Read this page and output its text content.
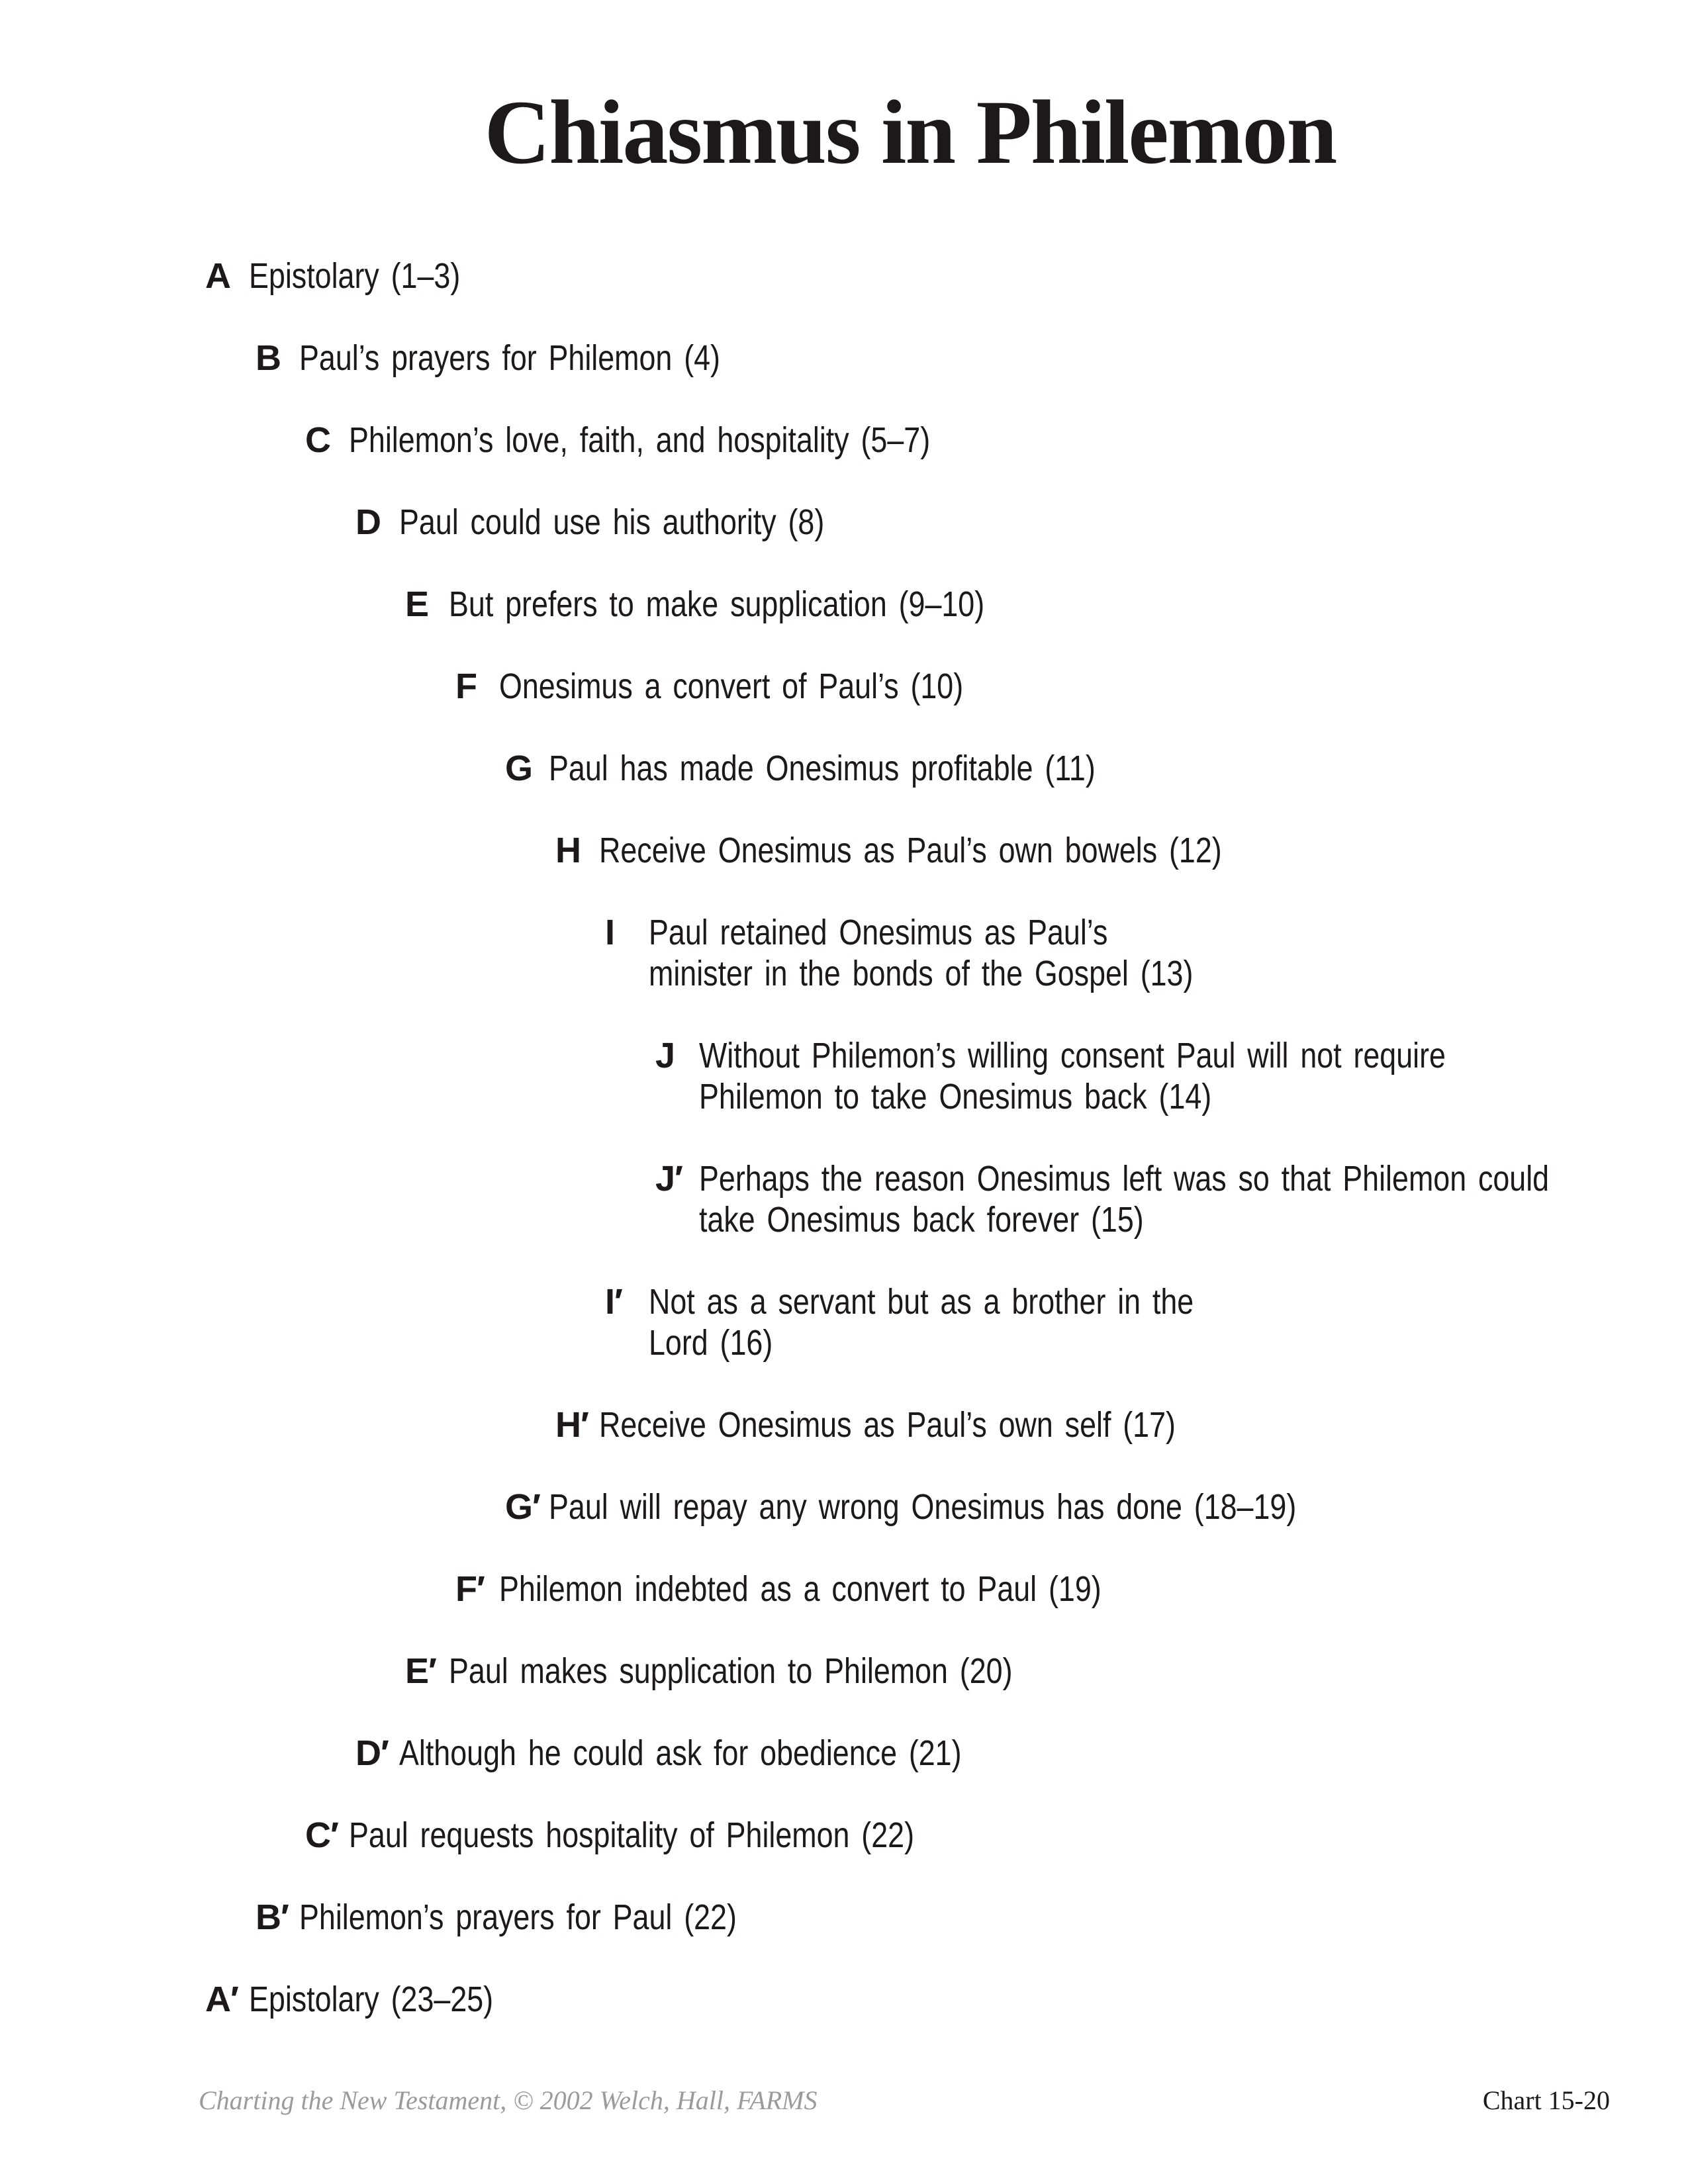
Chiasmus in Philemon
A Epistolary (1–3)
B Paul’s prayers for Philemon (4)
C Philemon’s love, faith, and hospitality (5–7)
D Paul could use his authority (8)
E But prefers to make supplication (9–10)
F Onesimus a convert of Paul’s (10)
G Paul has made Onesimus profitable (11)
H Receive Onesimus as Paul’s own bowels (12)
I Paul retained Onesimus as Paul’s
minister in the bonds of the Gospel (13)
J Without Philemon’s willing consent Paul will not require
Philemon to take Onesimus back (14)
J′ Perhaps the reason Onesimus left was so that Philemon could
take Onesimus back forever (15)
I′ Not as a servant but as a brother in the
Lord (16)
H′ Receive Onesimus as Paul’s own self (17)
G′ Paul will repay any wrong Onesimus has done (18–19)
F′ Philemon indebted as a convert to Paul (19)
E′ Paul makes supplication to Philemon (20)
D′ Although he could ask for obedience (21)
C′ Paul requests hospitality of Philemon (22)
B′ Philemon’s prayers for Paul (22)
A′ Epistolary (23–25)
Charting the New Testament, © 2002 Welch, Hall, FARMS	Chart 15-20
